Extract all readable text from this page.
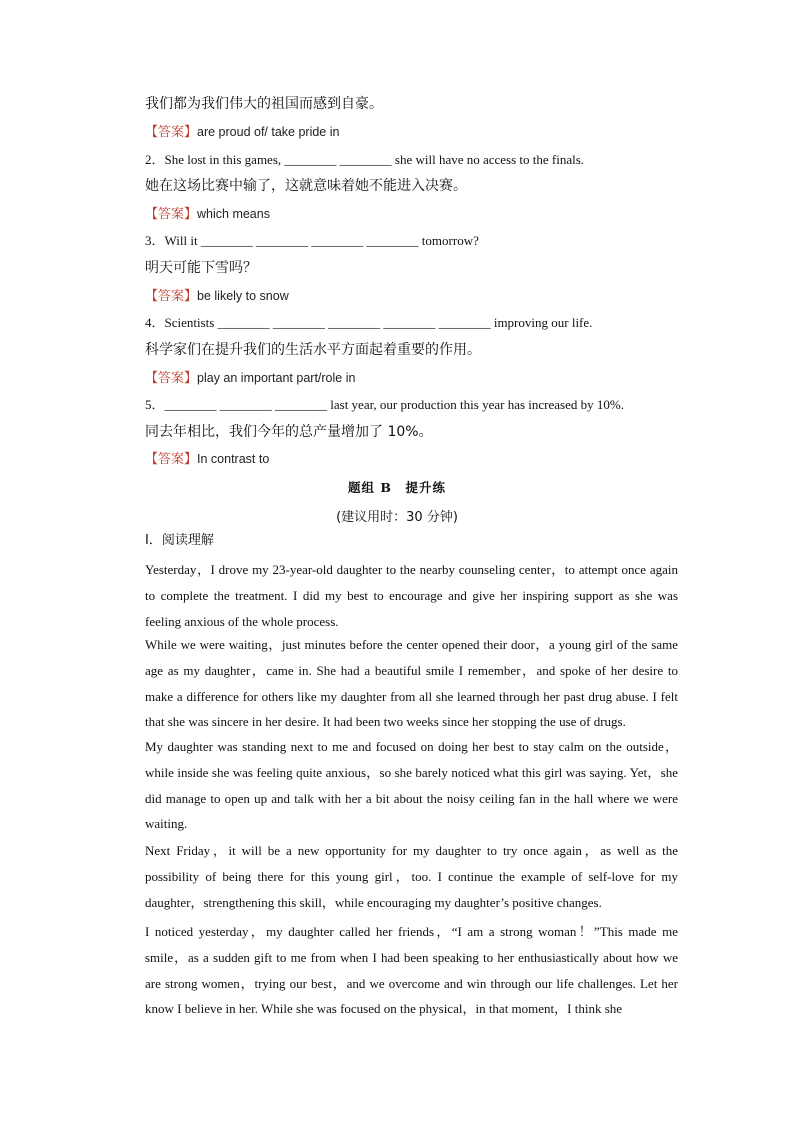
我们都为我们伟大的祖国而感到自豪。
【答案】are proud of/ take pride in
2．She lost in this games, ________ ________ she will have no access to the finals.
她在这场比赛中输了，这就意味着她不能进入决赛。
【答案】which means
3．Will it ________ ________ ________ ________ tomorrow?
明天可能下雪吗？
【答案】be likely to snow
4．Scientists ________ ________ ________ ________ ________ improving our life.
科学家们在提升我们的生活水平方面起着重要的作用。
【答案】play an important part/role in
5．________ ________ ________ last year, our production this year has increased by 10%.
同去年相比，我们今年的总产量增加了 10%。
【答案】In contrast to
题组 B　提升练
(建议用时：30 分钟)
Ⅰ．阅读理解
Yesterday，I drove my 23-year-old daughter to the nearby counseling center，to attempt once again to complete the treatment. I did my best to encourage and give her inspiring support as she was feeling anxious of the whole process.
While we were waiting，just minutes before the center opened their door，a young girl of the same age as my daughter，came in. She had a beautiful smile I remember，and spoke of her desire to make a difference for others like my daughter from all she learned through her past drug abuse. I felt that she was sincere in her desire. It had been two weeks since her stopping the use of drugs.
My daughter was standing next to me and focused on doing her best to stay calm on the outside，while inside she was feeling quite anxious，so she barely noticed what this girl was saying. Yet，she did manage to open up and talk with her a bit about the noisy ceiling fan in the hall where we were waiting.
Next Friday，it will be a new opportunity for my daughter to try once again，as well as the possibility of being there for this young girl，too. I continue the example of self-love for my daughter，strengthening this skill，while encouraging my daughter’s positive changes.
I noticed yesterday，my daughter called her friends，“I am a strong woman！”This made me smile，as a sudden gift to me from when I had been speaking to her enthusiastically about how we are strong women，trying our best，and we overcome and win through our life challenges. Let her know I believe in her. While she was focused on the physical，in that moment，I think she
